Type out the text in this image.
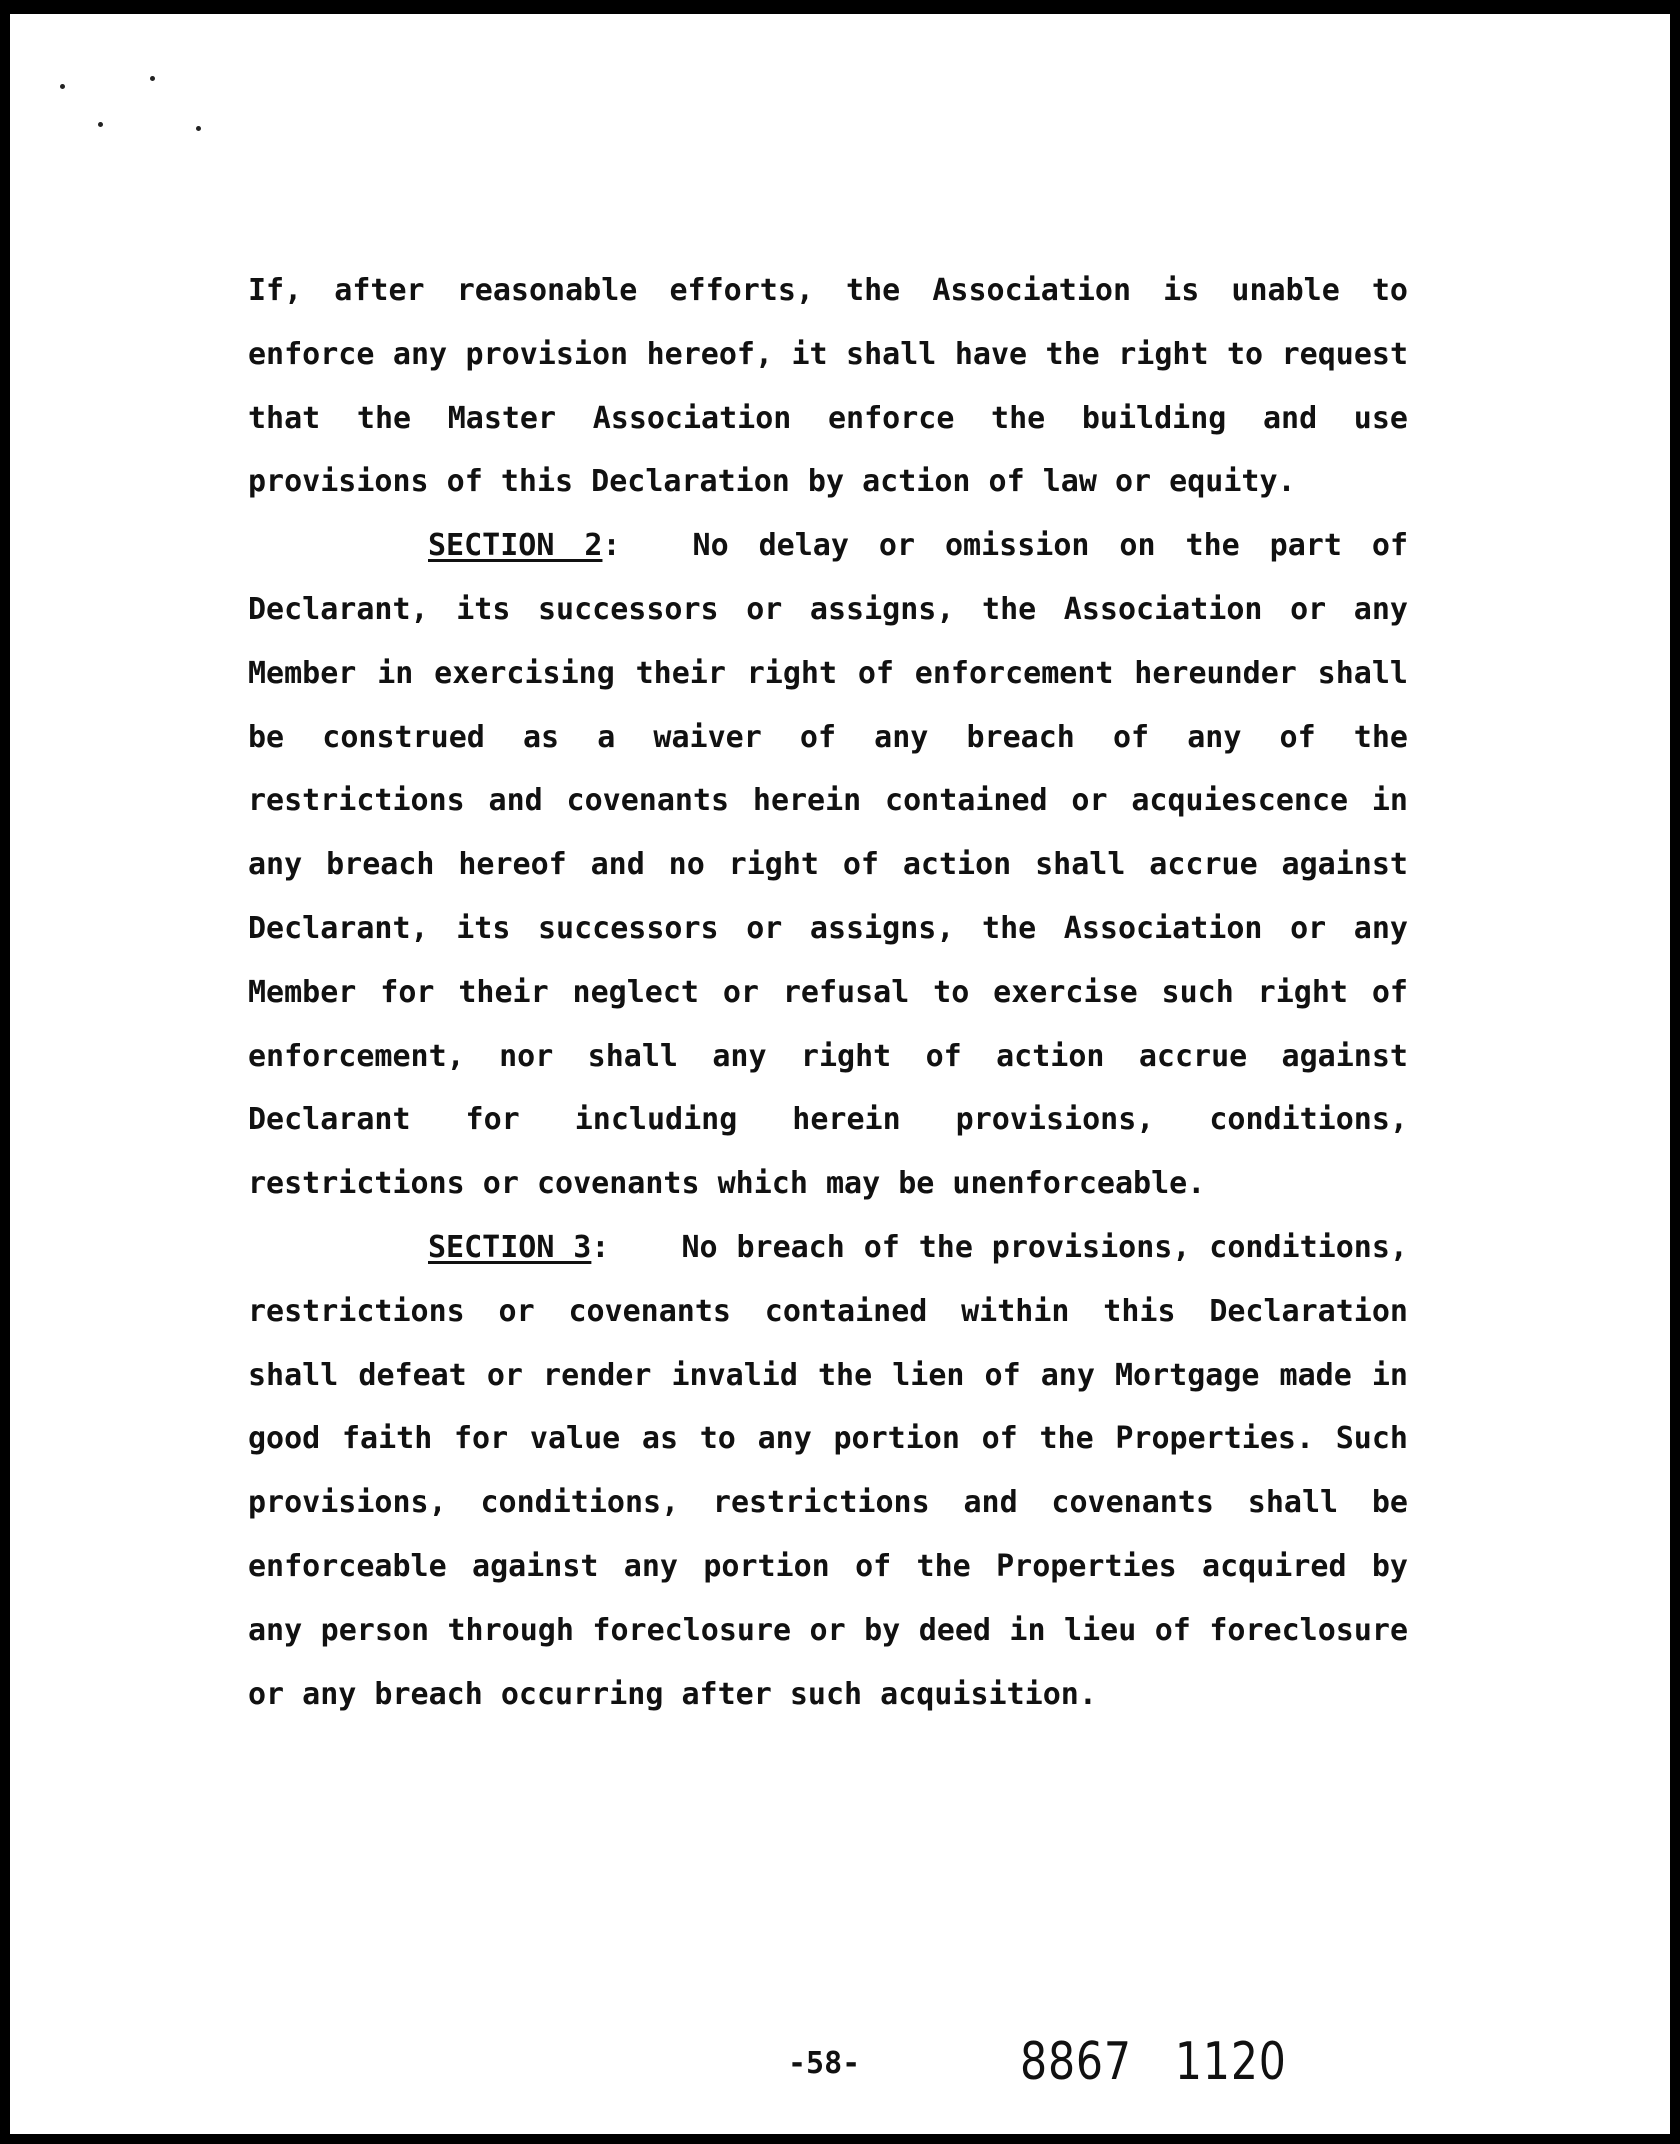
If, after reasonable efforts, the Association is unable to enforce any provision hereof, it shall have the right to request that the Master Association enforce the building and use provisions of this Declaration by action of law or equity.

SECTION 2: No delay or omission on the part of Declarant, its successors or assigns, the Association or any Member in exercising their right of enforcement hereunder shall be construed as a waiver of any breach of any of the restrictions and covenants herein contained or acquiescence in any breach hereof and no right of action shall accrue against Declarant, its successors or assigns, the Association or any Member for their neglect or refusal to exercise such right of enforcement, nor shall any right of action accrue against Declarant for including herein provisions, conditions, restrictions or covenants which may be unenforceable.

SECTION 3: No breach of the provisions, conditions, restrictions or covenants contained within this Declaration shall defeat or render invalid the lien of any Mortgage made in good faith for value as to any portion of the Properties. Such provisions, conditions, restrictions and covenants shall be enforceable against any portion of the Properties acquired by any person through foreclosure or by deed in lieu of foreclosure or any breach occurring after such acquisition.

-58-	8867 1120
